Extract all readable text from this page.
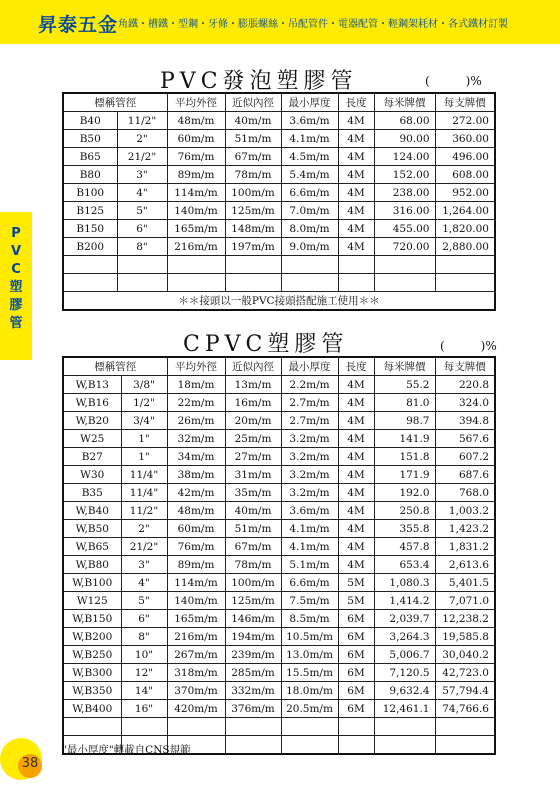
昇泰五金 角鐵・槽鐵・型鋼・牙條・膨脹螺絲・吊配管件・電器配管・輕鋼架耗材・各式鐵材訂製
P
V
C
塑
膠
管
PVC發泡塑膠管	(　　　)%
標稱管徑		平均外徑	近似內徑	最小厚度	長度	每米牌價	每支牌價
B40	11/2"	48m/m	40m/m	3.6m/m	4M	68.00	272.00
B50	2"	60m/m	51m/m	4.1m/m	4M	90.00	360.00
B65	21/2"	76m/m	67m/m	4.5m/m	4M	124.00	496.00
B80	3"	89m/m	78m/m	5.4m/m	4M	152.00	608.00
B100	4"	114m/m	100m/m	6.6m/m	4M	238.00	952.00
B125	5"	140m/m	125m/m	7.0m/m	4M	316.00	1,264.00
B150	6"	165m/m	148m/m	8.0m/m	4M	455.00	1,820.00
B200	8"	216m/m	197m/m	9.0m/m	4M	720.00	2,880.00

＊＊接頭以一般PVC接頭搭配施工使用＊＊							
CPVC塑膠管	(　　　)%
標稱管徑		平均外徑	近似內徑	最小厚度	長度	每米牌價	每支牌價
W,B13	3/8"	18m/m	13m/m	2.2m/m	4M	55.2	220.8
W,B16	1/2"	22m/m	16m/m	2.7m/m	4M	81.0	324.0
W,B20	3/4"	26m/m	20m/m	2.7m/m	4M	98.7	394.8
W25	1"	32m/m	25m/m	3.2m/m	4M	141.9	567.6
B27	1"	34m/m	27m/m	3.2m/m	4M	151.8	607.2
W30	11/4"	38m/m	31m/m	3.2m/m	4M	171.9	687.6
B35	11/4"	42m/m	35m/m	3.2m/m	4M	192.0	768.0
W,B40	11/2"	48m/m	40m/m	3.6m/m	4M	250.8	1,003.2
W,B50	2"	60m/m	51m/m	4.1m/m	4M	355.8	1,423.2
W,B65	21/2"	76m/m	67m/m	4.1m/m	4M	457.8	1,831.2
W,B80	3"	89m/m	78m/m	5.1m/m	4M	653.4	2,613.6
W,B100	4"	114m/m	100m/m	6.6m/m	5M	1,080.3	5,401.5
W125	5"	140m/m	125m/m	7.5m/m	5M	1,414.2	7,071.0
W,B150	6"	165m/m	146m/m	8.5m/m	6M	2,039.7	12,238.2
W,B200	8"	216m/m	194m/m	10.5m/m	6M	3,264.3	19,585.8
W,B250	10"	267m/m	239m/m	13.0m/m	6M	5,006.7	30,040.2
W,B300	12"	318m/m	285m/m	15.5m/m	6M	7,120.5	42,723.0
W,B350	14"	370m/m	332m/m	18.0m/m	6M	9,632.4	57,794.4
W,B400	16"	420m/m	376m/m	20.5m/m	6M	12,461.1	74,766.6

"最小厚度"轉載自CNS規範
38
